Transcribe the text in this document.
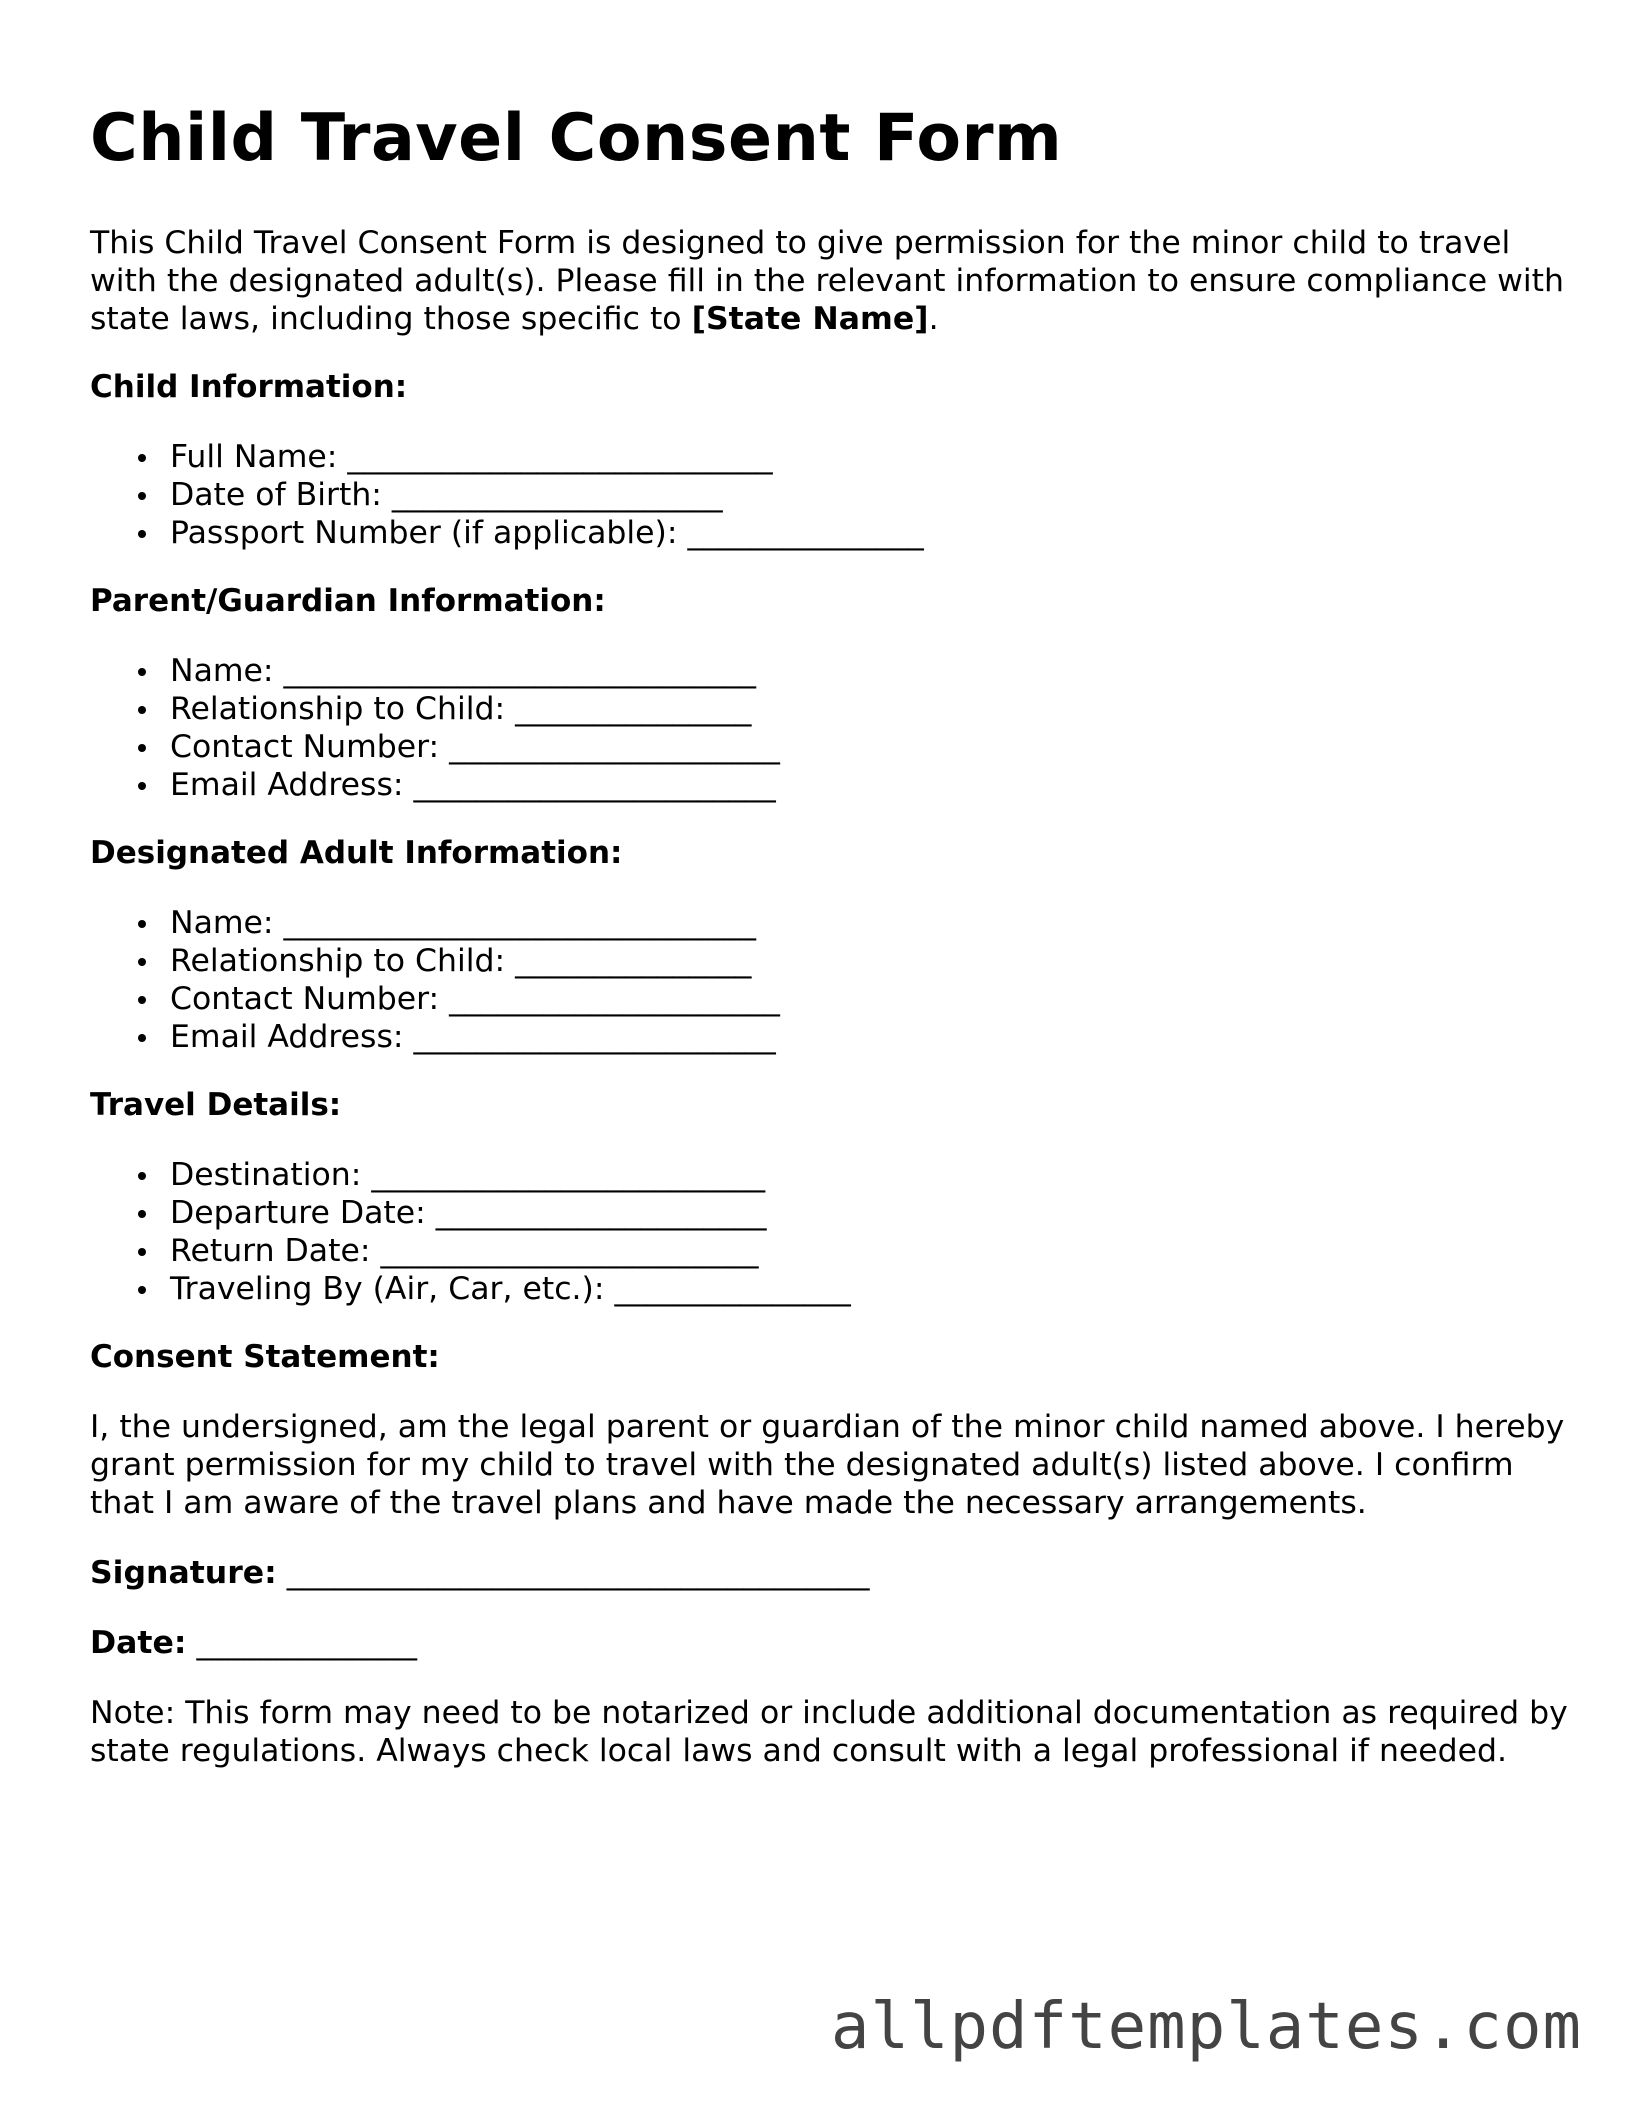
Child Travel Consent Form
This Child Travel Consent Form is designed to give permission for the minor child to travel with the designated adult(s). Please fill in the relevant information to ensure compliance with state laws, including those specific to [State Name].
Child Information:
Full Name: ___________________________
Date of Birth: _____________________
Passport Number (if applicable): _______________
Parent/Guardian Information:
Name: ______________________________
Relationship to Child: _______________
Contact Number: _____________________
Email Address: _______________________
Designated Adult Information:
Name: ______________________________
Relationship to Child: _______________
Contact Number: _____________________
Email Address: _______________________
Travel Details:
Destination: _________________________
Departure Date: _____________________
Return Date: ________________________
Traveling By (Air, Car, etc.): _______________
Consent Statement:
I, the undersigned, am the legal parent or guardian of the minor child named above. I hereby grant permission for my child to travel with the designated adult(s) listed above. I confirm that I am aware of the travel plans and have made the necessary arrangements.
Signature: _____________________________________
Date: ______________
Note: This form may need to be notarized or include additional documentation as required by state regulations. Always check local laws and consult with a legal professional if needed.
allpdftemplates.com
